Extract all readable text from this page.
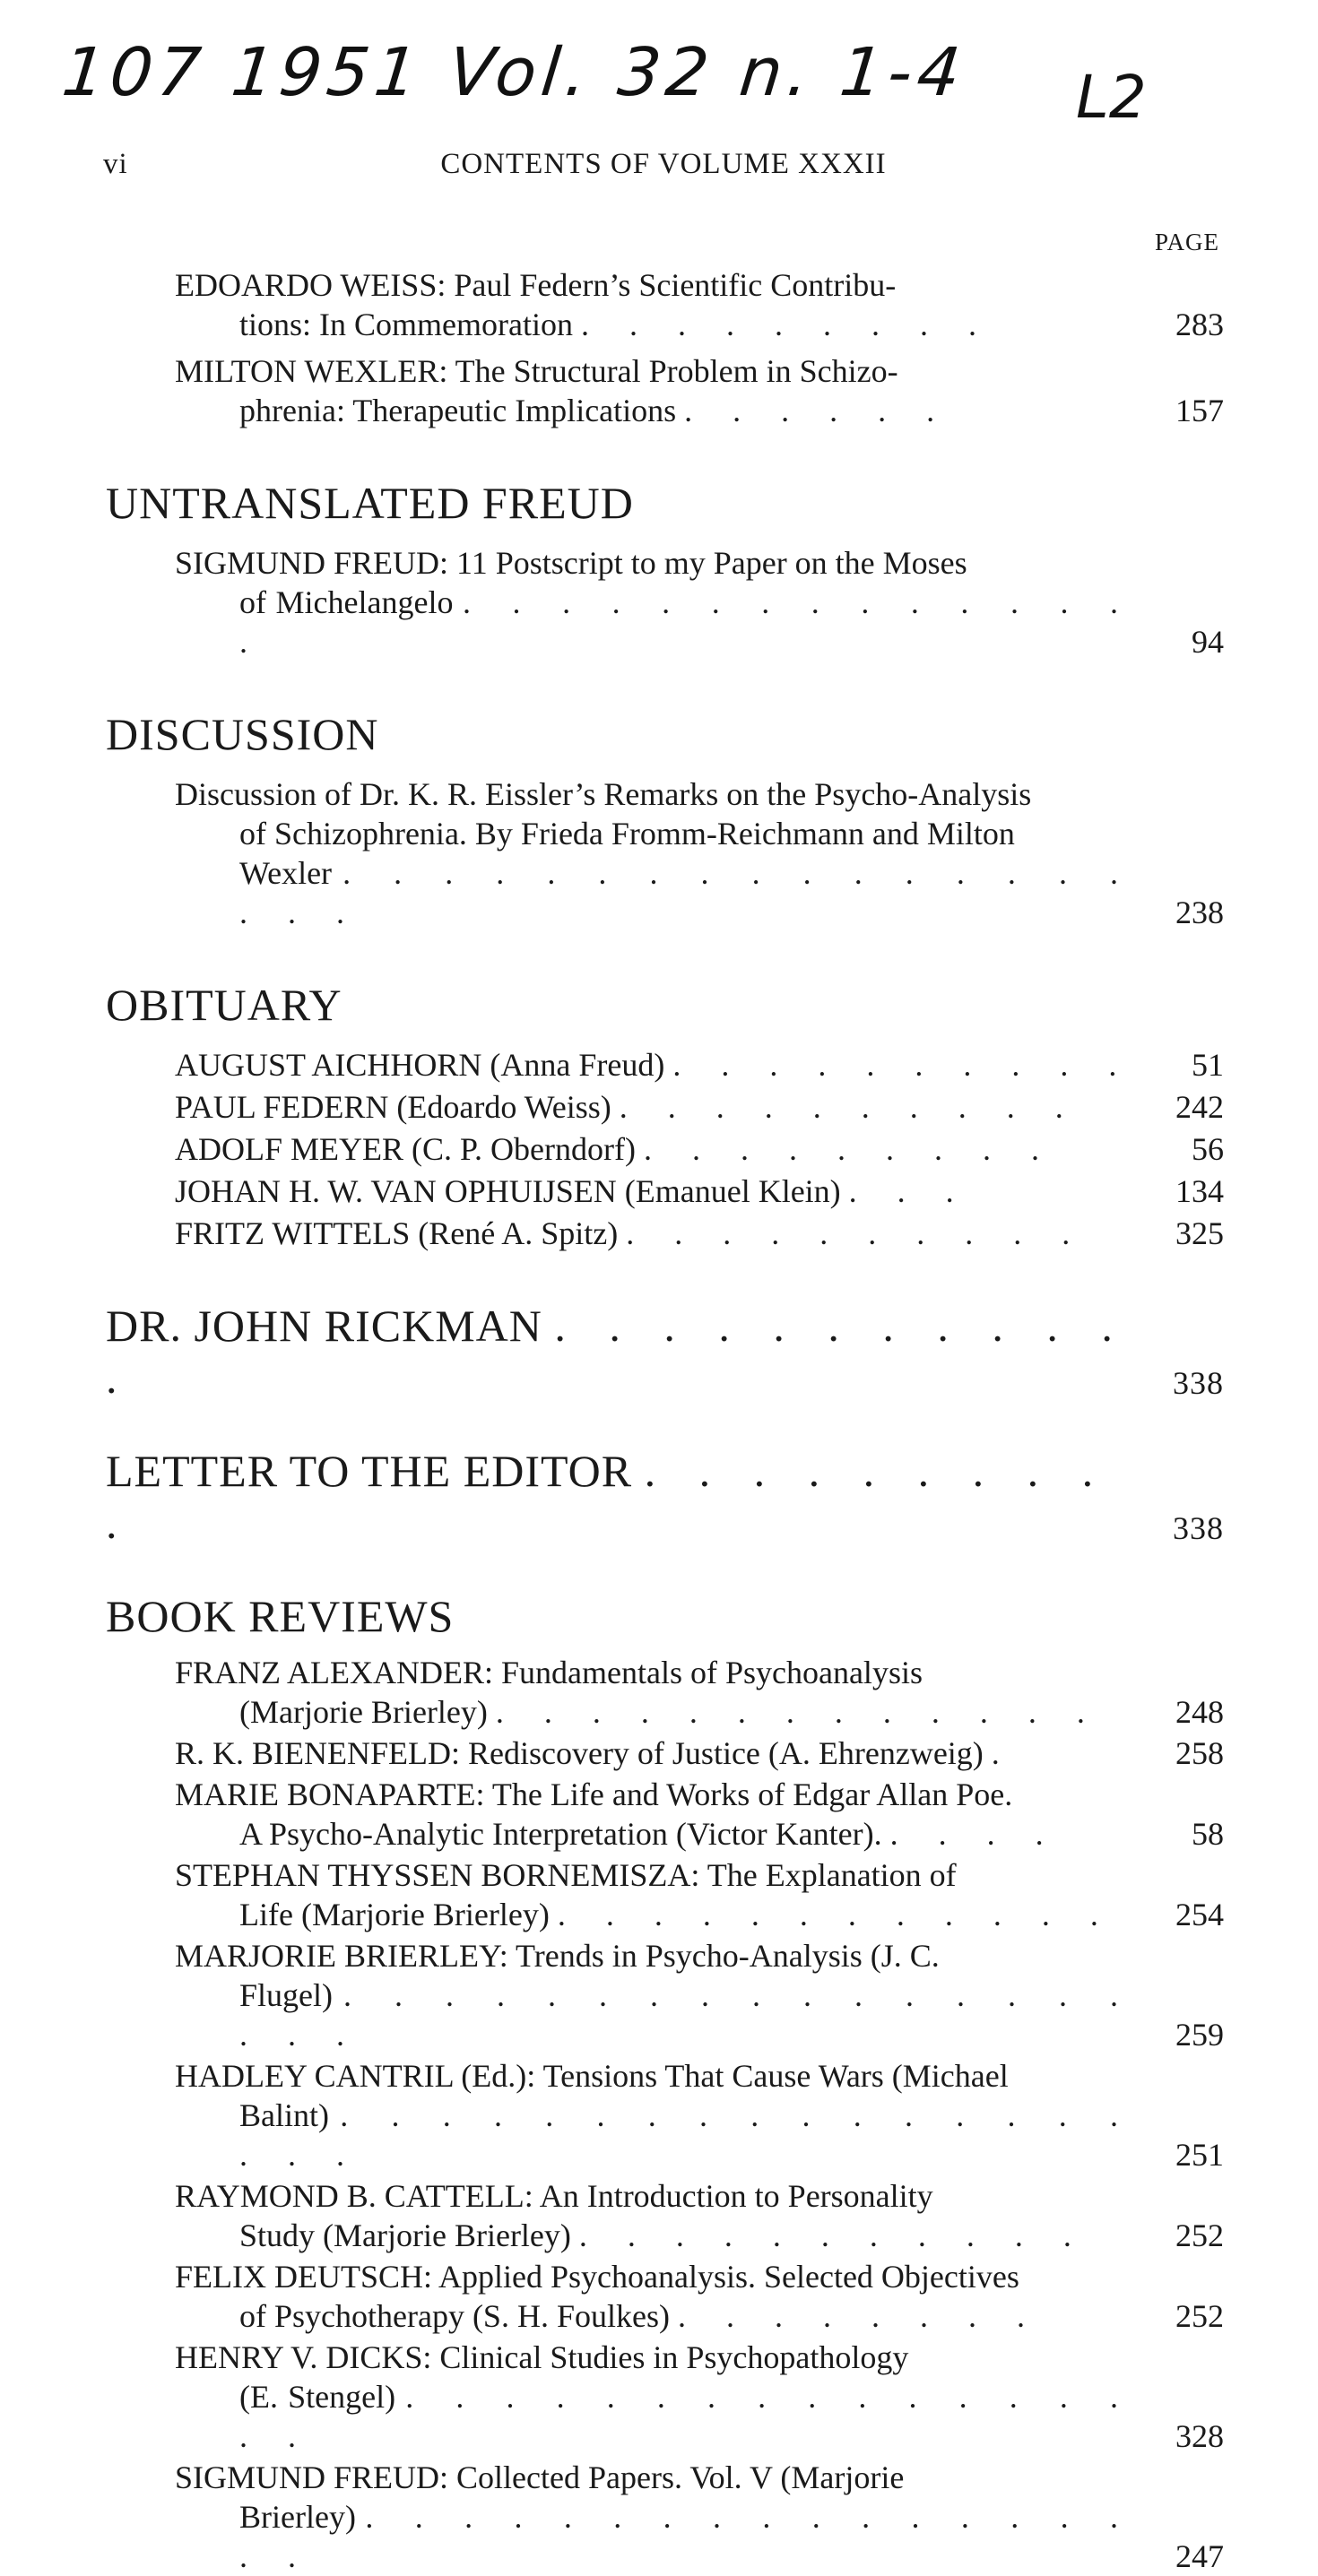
107 1951 Vol. 32 n. 1-4 L2
vi	CONTENTS OF VOLUME XXXII
PAGE
EDOARDO WEISS: Paul Federn’s Scientific Contribu-
tions: In Commemoration . . . . . . . . .	283
MILTON WEXLER: The Structural Problem in Schizo-
phrenia: Therapeutic Implications . . . . . .	157
UNTRANSLATED FREUD
SIGMUND FREUD: 11 Postscript to my Paper on the Moses
of Michelangelo . . . . . . . . . . . . . . .	94
DISCUSSION
Discussion of Dr. K. R. Eissler’s Remarks on the Psycho-Analysis
of Schizophrenia. By Frieda Fromm-Reichmann and Milton
Wexler . . . . . . . . . . . . . . . . . . .	238
OBITUARY
AUGUST AICHHORN (Anna Freud) . . . . . . . . . .	51
PAUL FEDERN (Edoardo Weiss) . . . . . . . . . .	242
ADOLF MEYER (C. P. Oberndorf) . . . . . . . . .	56
JOHAN H. W. VAN OPHUIJSEN (Emanuel Klein) . . .	134
FRITZ WITTELS (René A. Spitz) . . . . . . . . . .	325
DR. JOHN RICKMAN . . . . . . . . . . . .	338
LETTER TO THE EDITOR . . . . . . . . . .	338
BOOK REVIEWS
FRANZ ALEXANDER: Fundamentals of Psychoanalysis
(Marjorie Brierley) . . . . . . . . . . . . .	248
R. K. BIENENFELD: Rediscovery of Justice (A. Ehrenzweig) .	258
MARIE BONAPARTE: The Life and Works of Edgar Allan Poe.
A Psycho-Analytic Interpretation (Victor Kanter). . . . .	58
STEPHAN THYSSEN BORNEMISZA: The Explanation of
Life (Marjorie Brierley) . . . . . . . . . . . .	254
MARJORIE BRIERLEY: Trends in Psycho-Analysis (J. C.
Flugel) . . . . . . . . . . . . . . . . . . .	259
HADLEY CANTRIL (Ed.): Tensions That Cause Wars (Michael
Balint) . . . . . . . . . . . . . . . . . . .	251
RAYMOND B. CATTELL: An Introduction to Personality
Study (Marjorie Brierley) . . . . . . . . . . .	252
FELIX DEUTSCH: Applied Psychoanalysis. Selected Objectives
of Psychotherapy (S. H. Foulkes) . . . . . . . .	252
HENRY V. DICKS: Clinical Studies in Psychopathology
(E. Stengel) . . . . . . . . . . . . . . . . .	328
SIGMUND FREUD: Collected Papers. Vol. V (Marjorie
Brierley) . . . . . . . . . . . . . . . . . .	247
